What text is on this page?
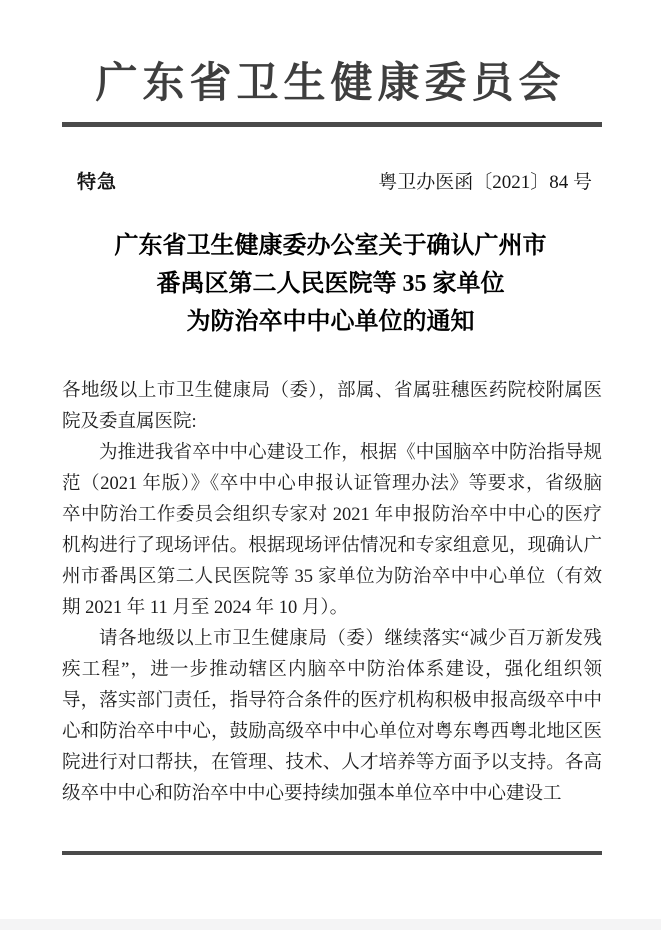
广东省卫生健康委员会
特急	粤卫办医函〔2021〕84 号
广东省卫生健康委办公室关于确认广州市
番禺区第二人民医院等 35 家单位
为防治卒中中心单位的通知

各地级以上市卫生健康局（委），部属、省属驻穗医药院校附属医院及委直属医院:

为推进我省卒中中心建设工作，根据《中国脑卒中防治指导规范（2021 年版）》《卒中中心申报认证管理办法》等要求，省级脑卒中防治工作委员会组织专家对 2021 年申报防治卒中中心的医疗机构进行了现场评估。根据现场评估情况和专家组意见，现确认广州市番禺区第二人民医院等 35 家单位为防治卒中中心单位（有效期 2021 年 11 月至 2024 年 10 月）。

请各地级以上市卫生健康局（委）继续落实“减少百万新发残疾工程”，进一步推动辖区内脑卒中防治体系建设，强化组织领导，落实部门责任，指导符合条件的医疗机构积极申报高级卒中中心和防治卒中中心，鼓励高级卒中中心单位对粤东粤西粤北地区医院进行对口帮扶，在管理、技术、人才培养等方面予以支持。各高级卒中中心和防治卒中中心要持续加强本单位卒中中心建设工
